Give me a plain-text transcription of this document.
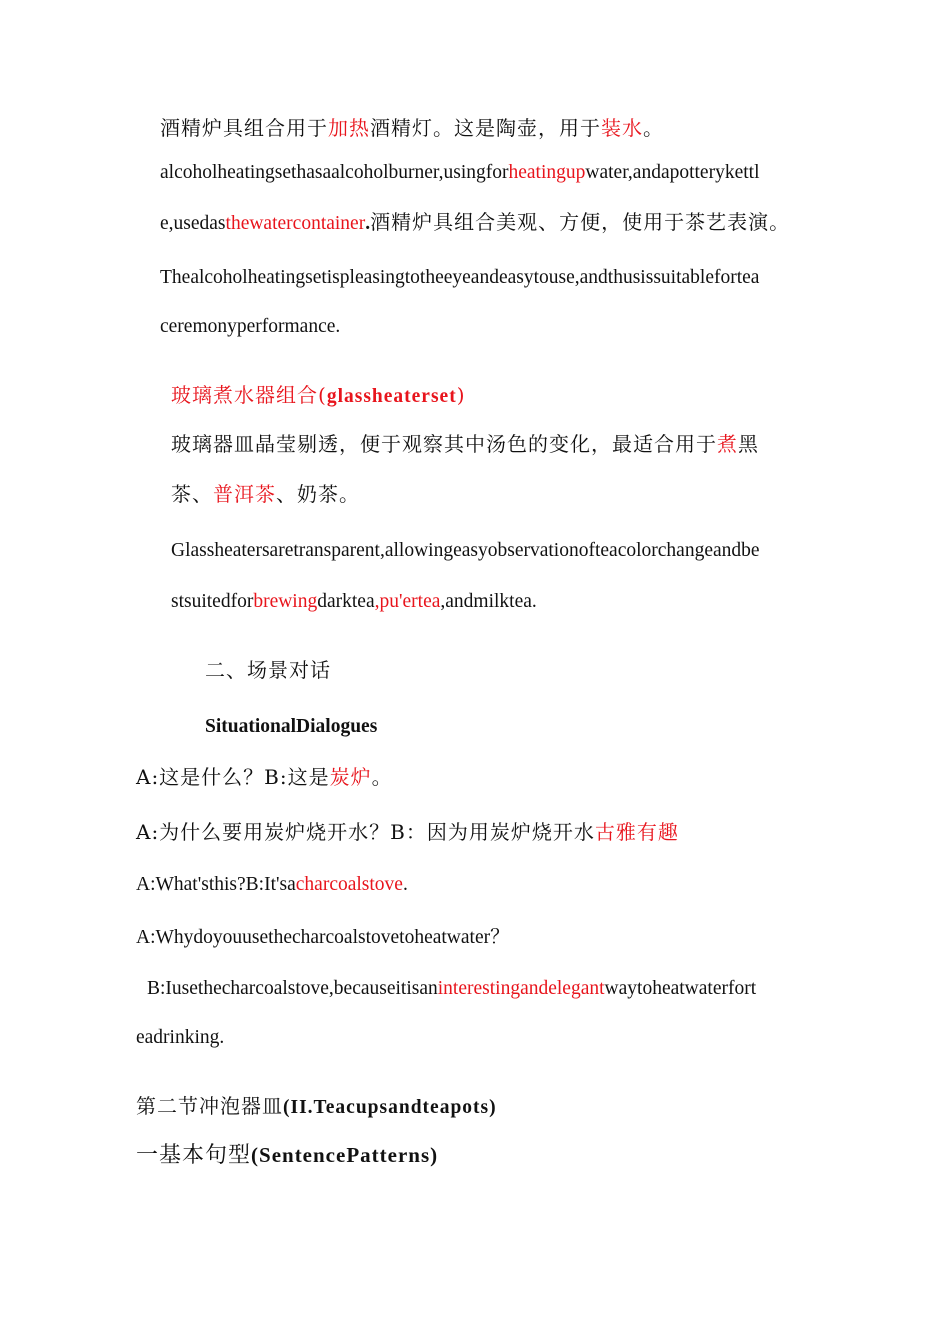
酒精炉具组合用于加热酒精灯。这是陶壶，用于装水。
alcoholheatingsethasaalcoholburner,usingforheatingupwater,andapotterykettl
e,usedasthewatercontainer.酒精炉具组合美观、方便，使用于茶艺表演。
Thealcoholheatingsetispleasingtotheeyeandeasytouse,andthusissuitablefortea
ceremonyperformance.
玻璃煮水器组合(glassheaterset)
玻璃器皿晶莹剔透，便于观察其中汤色的变化，最适合用于煮黑
茶、普洱茶、奶茶。
Glassheatersaretransparent,allowingeasyobservationofteacolorchangeandbe
stsuitedforbrewingdarktea,pu'ertea,andmilktea.
二、场景对话
SituationalDialogues
A:这是什么？B:这是炭炉。
A:为什么要用炭炉烧开水？B：因为用炭炉烧开水古雅有趣
A:What'sthis?B:It'sacharcoalstove.
A:Whydoyouusethecharcoalstovetoheatwater？
B:Iusethecharcoalstove,becauseitisaninterestingandelegantwaytoheatwaterfort
eadrinking.
第二节冲泡器皿(II.Teacupsandteapots)
一基本句型(SentencePatterns)
